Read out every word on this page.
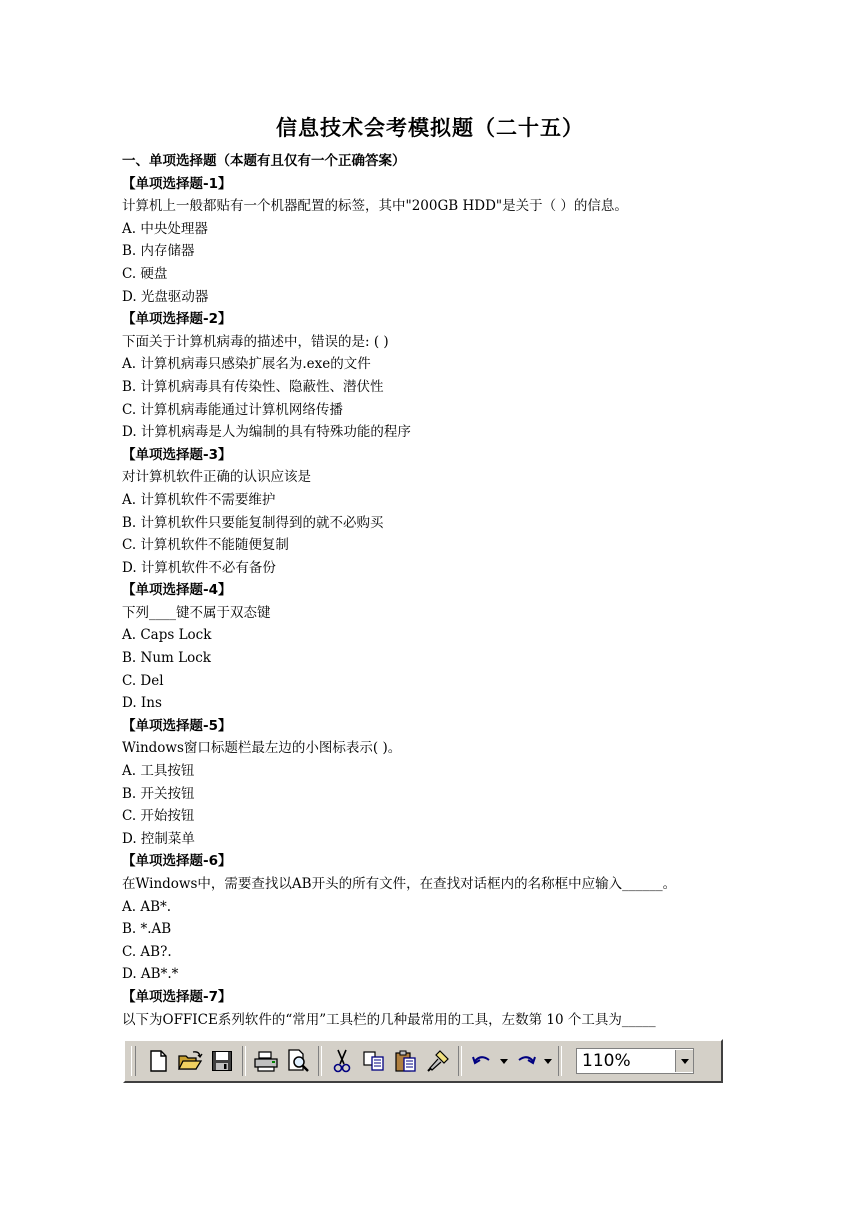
信息技术会考模拟题（二十五）
一、单项选择题（本题有且仅有一个正确答案）
【单项选择题-1】
计算机上一般都贴有一个机器配置的标签，其中"200GB HDD"是关于（ ）的信息。
A. 中央处理器
B. 内存储器
C. 硬盘
D. 光盘驱动器
【单项选择题-2】
下面关于计算机病毒的描述中，错误的是: ( )
A. 计算机病毒只感染扩展名为.exe的文件
B. 计算机病毒具有传染性、隐蔽性、潜伏性
C. 计算机病毒能通过计算机网络传播
D. 计算机病毒是人为编制的具有特殊功能的程序
【单项选择题-3】
对计算机软件正确的认识应该是
A. 计算机软件不需要维护
B. 计算机软件只要能复制得到的就不必购买
C. 计算机软件不能随便复制
D. 计算机软件不必有备份
【单项选择题-4】
下列____键不属于双态键
A. Caps Lock
B. Num Lock
C. Del
D. Ins
【单项选择题-5】
Windows窗口标题栏最左边的小图标表示( )。
A. 工具按钮
B. 开关按钮
C. 开始按钮
D. 控制菜单
【单项选择题-6】
在Windows中，需要查找以AB开头的所有文件，在查找对话框内的名称框中应输入______。
A. AB*.
B. *.AB
C. AB?.
D. AB*.*
【单项选择题-7】
以下为OFFICE系列软件的“常用”工具栏的几种最常用的工具，左数第 10 个工具为_____
110%
